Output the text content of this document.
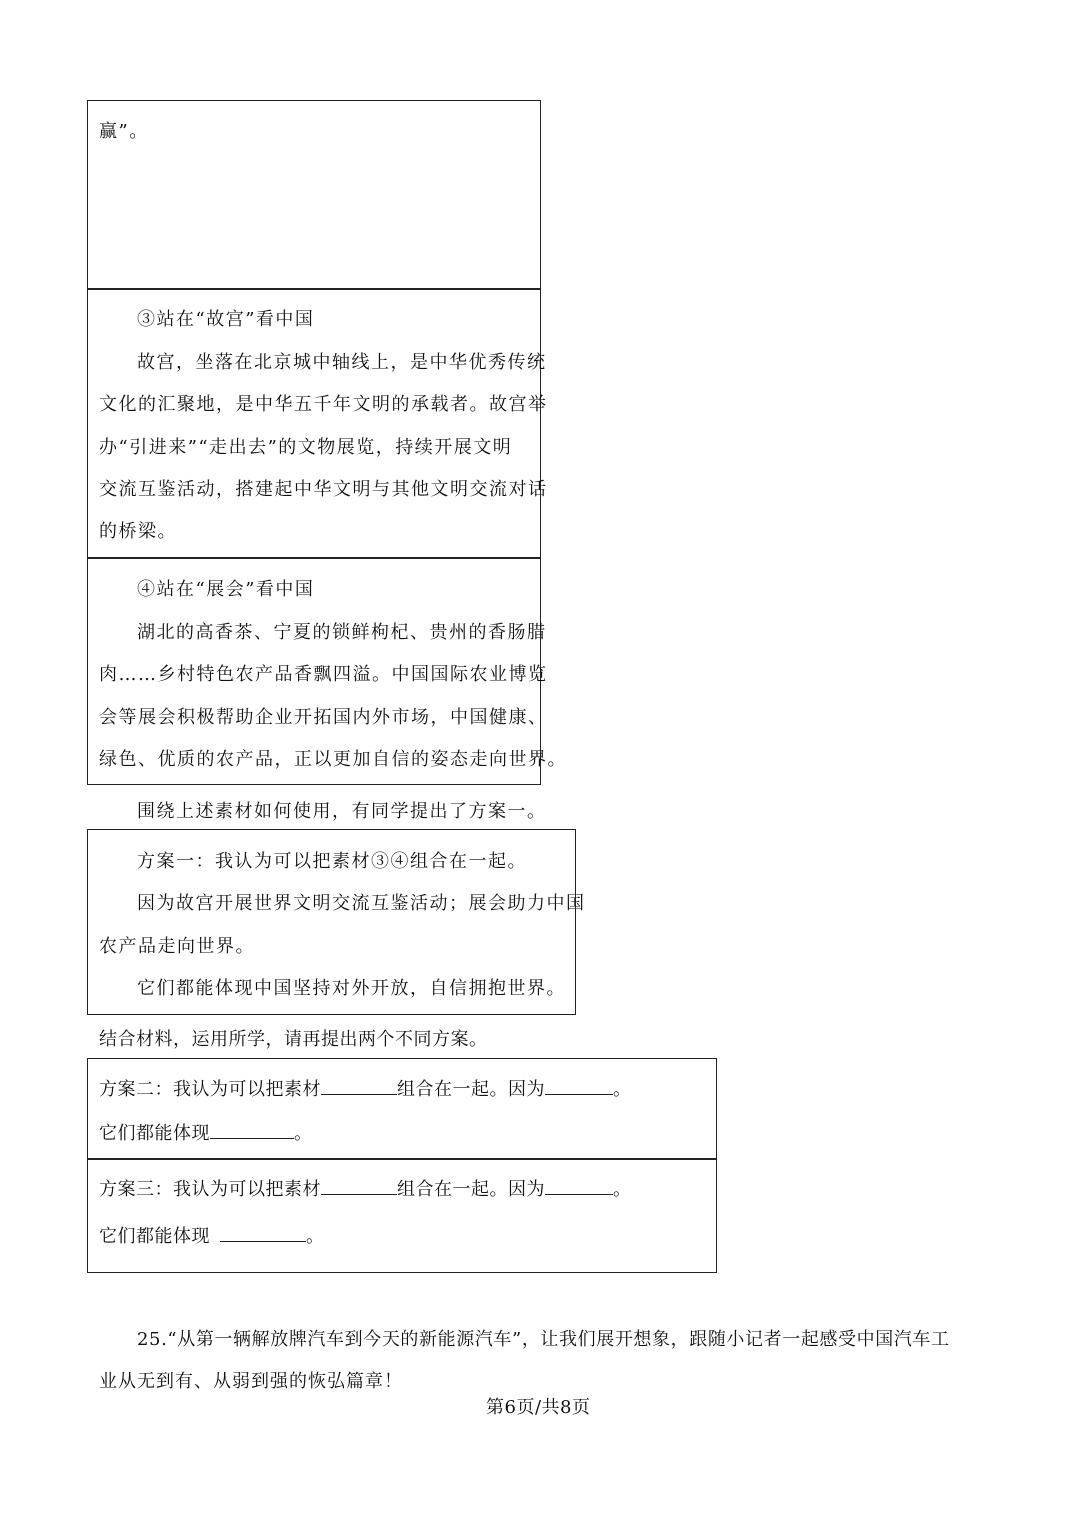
赢”。
③站在“故宫”看中国
故宫，坐落在北京城中轴线上，是中华优秀传统
文化的汇聚地，是中华五千年文明的承载者。故宫举
办“引进来”“走出去”的文物展览，持续开展文明
交流互鉴活动，搭建起中华文明与其他文明交流对话
的桥梁。
④站在“展会”看中国
湖北的高香茶、宁夏的锁鲜枸杞、贵州的香肠腊
肉……乡村特色农产品香飘四溢。中国国际农业博览
会等展会积极帮助企业开拓国内外市场，中国健康、
绿色、优质的农产品，正以更加自信的姿态走向世界。
围绕上述素材如何使用，有同学提出了方案一。
方案一：我认为可以把素材③④组合在一起。
因为故宫开展世界文明交流互鉴活动；展会助力中国
农产品走向世界。
它们都能体现中国坚持对外开放，自信拥抱世界。
结合材料，运用所学，请再提出两个不同方案。
方案二：我认为可以把素材	组合在一起。因为	。
它们都能体现	。
方案三：我认为可以把素材	组合在一起。因为	。
它们都能体现	。
25.“从第一辆解放牌汽车到今天的新能源汽车”，让我们展开想象，跟随小记者一起感受中国汽车工
业从无到有、从弱到强的恢弘篇章！
第6页/共8页
